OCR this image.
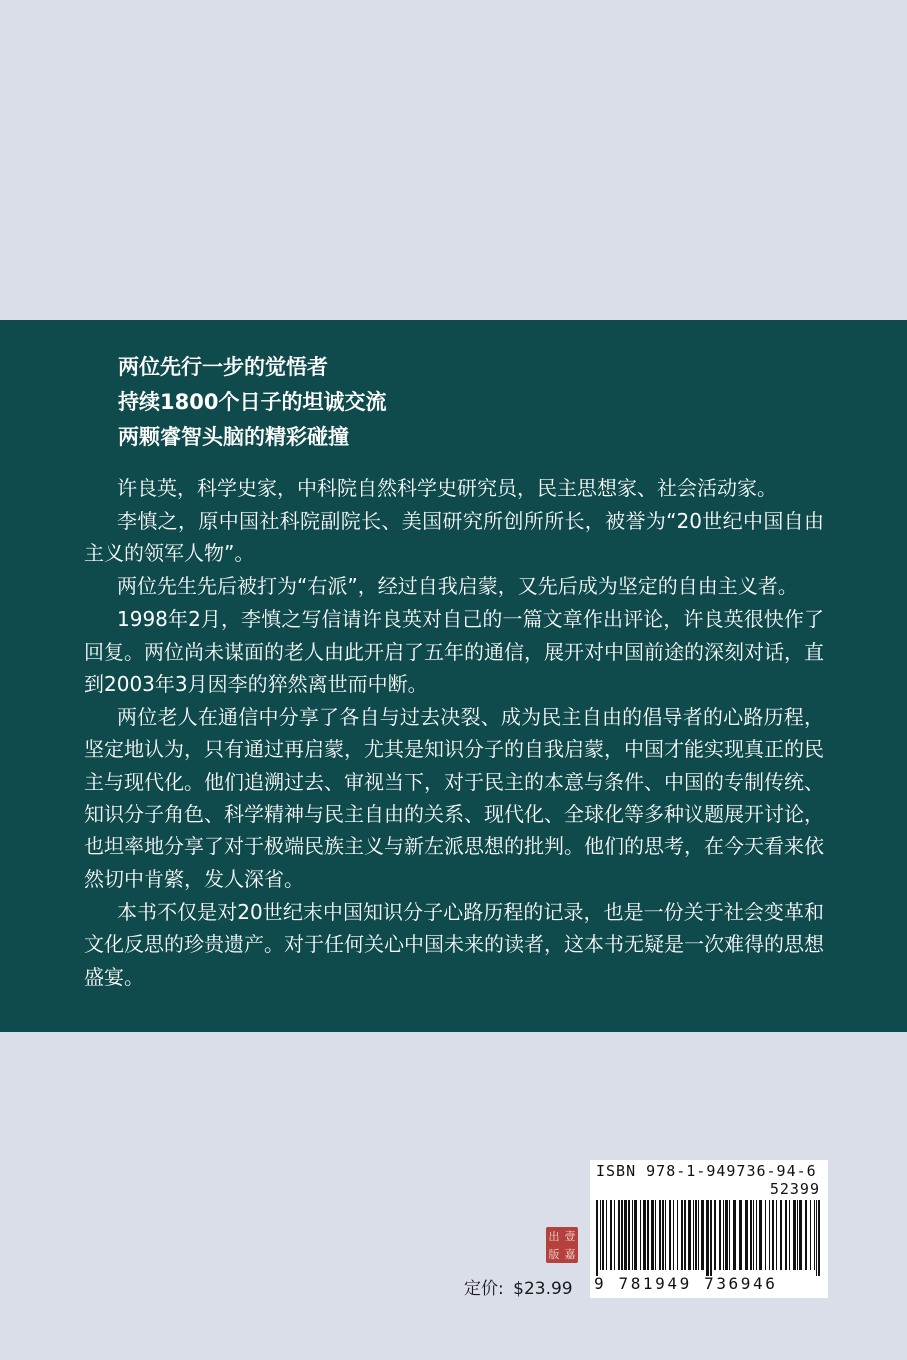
两位先行一步的觉悟者
持续1800个日子的坦诚交流
两颗睿智头脑的精彩碰撞

许良英，科学史家，中科院自然科学史研究员，民主思想家、社会活动家。

李慎之，原中国社科院副院长、美国研究所创所所长，被誉为“20世纪中国自由主义的领军人物”。

两位先生先后被打为“右派”，经过自我启蒙，又先后成为坚定的自由主义者。

1998年2月，李慎之写信请许良英对自己的一篇文章作出评论，许良英很快作了回复。两位尚未谋面的老人由此开启了五年的通信，展开对中国前途的深刻对话，直到2003年3月因李的猝然离世而中断。

两位老人在通信中分享了各自与过去决裂、成为民主自由的倡导者的心路历程，坚定地认为，只有通过再启蒙，尤其是知识分子的自我启蒙，中国才能实现真正的民主与现代化。他们追溯过去、审视当下，对于民主的本意与条件、中国的专制传统、知识分子角色、科学精神与民主自由的关系、现代化、全球化等多种议题展开讨论，也坦率地分享了对于极端民族主义与新左派思想的批判。他们的思考，在今天看来依然切中肯綮，发人深省。

本书不仅是对20世纪末中国知识分子心路历程的记录，也是一份关于社会变革和文化反思的珍贵遗产。对于任何关心中国未来的读者，这本书无疑是一次难得的思想盛宴。

出 壹
版 嘉
定价: $23.99
ISBN 978-1-949736-94-6
52399
9 781949 736946
